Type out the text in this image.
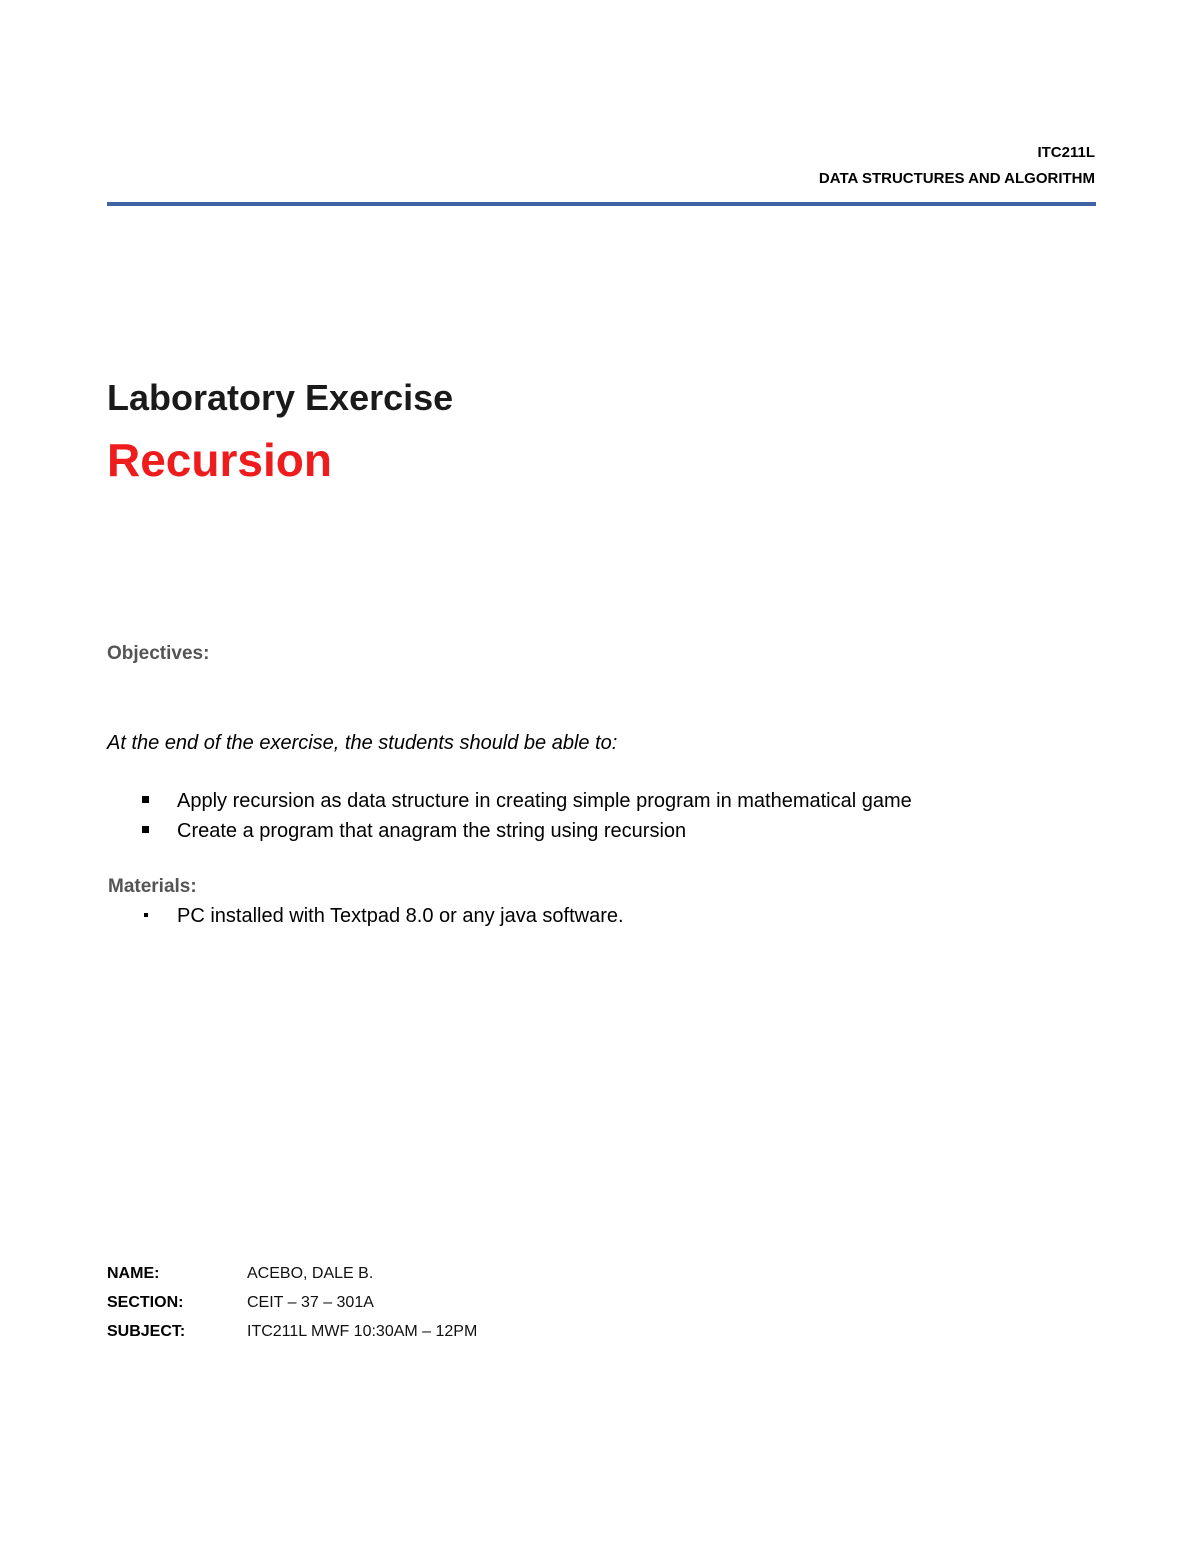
ITC211L
DATA STRUCTURES AND ALGORITHM
Laboratory Exercise
Recursion
Objectives:
At the end of the exercise, the students should be able to:
Apply recursion as data structure in creating simple program in mathematical game
Create a program that anagram the string using recursion
Materials:
PC installed with Textpad 8.0 or any java software.
NAME:	ACEBO, DALE B.
SECTION:	CEIT – 37 – 301A
SUBJECT:	ITC211L MWF 10:30AM – 12PM
